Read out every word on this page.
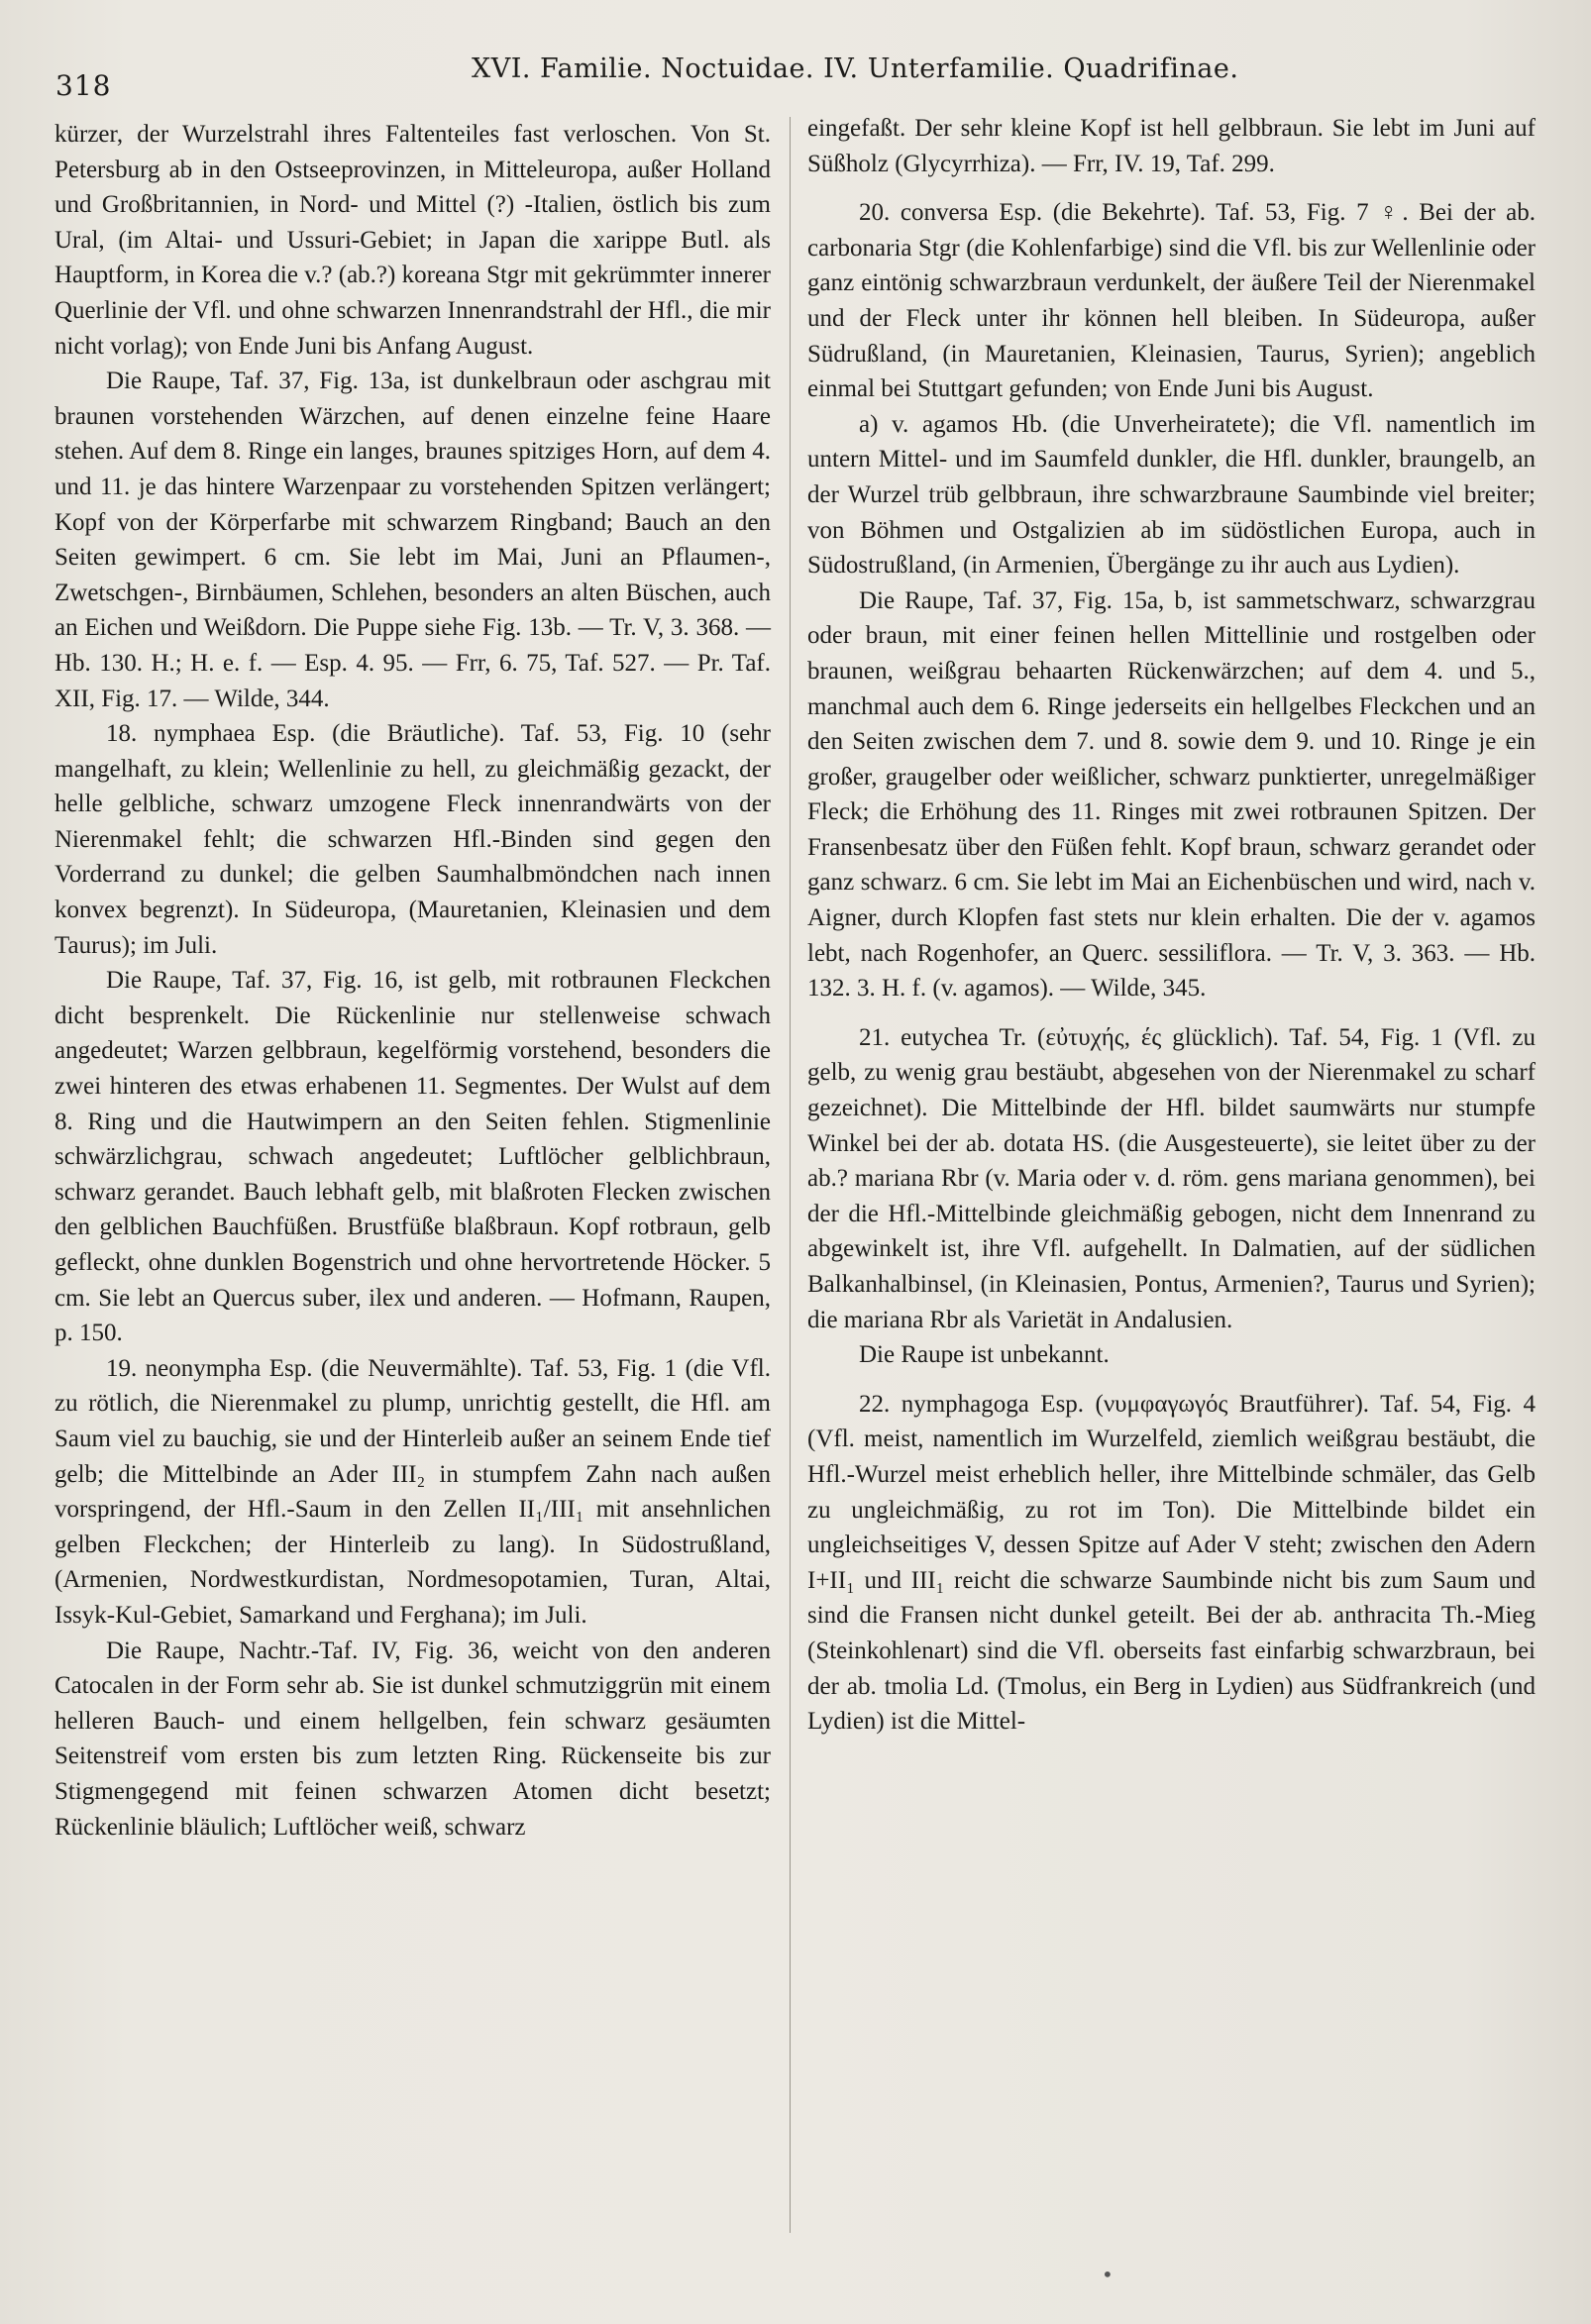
318
XVI. Familie. Noctuidae. IV. Unterfamilie. Quadrifinae.

kürzer, der Wurzelstrahl ihres Faltenteiles fast verloschen. Von St. Petersburg ab in den Ostseeprovinzen, in Mitteleuropa, außer Holland und Großbritannien, in Nord- und Mittel (?) -Italien, östlich bis zum Ural, (im Altai- und Ussuri-Gebiet; in Japan die xarippe Butl. als Hauptform, in Korea die v.? (ab.?) koreana Stgr mit gekrümmter innerer Querlinie der Vfl. und ohne schwarzen Innenrandstrahl der Hfl., die mir nicht vorlag); von Ende Juni bis Anfang August.

Die Raupe, Taf. 37, Fig. 13a, ist dunkelbraun oder aschgrau mit braunen vorstehenden Wärzchen, auf denen einzelne feine Haare stehen. Auf dem 8. Ringe ein langes, braunes spitziges Horn, auf dem 4. und 11. je das hintere Warzenpaar zu vorstehenden Spitzen verlängert; Kopf von der Körperfarbe mit schwarzem Ringband; Bauch an den Seiten gewimpert. 6 cm. Sie lebt im Mai, Juni an Pflaumen-, Zwetschgen-, Birnbäumen, Schlehen, besonders an alten Büschen, auch an Eichen und Weißdorn. Die Puppe siehe Fig. 13b. — Tr. V, 3. 368. — Hb. 130. H.; H. e. f. — Esp. 4. 95. — Frr, 6. 75, Taf. 527. — Pr. Taf. XII, Fig. 17. — Wilde, 344.

18. nymphaea Esp. (die Bräutliche). Taf. 53, Fig. 10 (sehr mangelhaft, zu klein; Wellenlinie zu hell, zu gleichmäßig gezackt, der helle gelbliche, schwarz umzogene Fleck innenrandwärts von der Nierenmakel fehlt; die schwarzen Hfl.-Binden sind gegen den Vorderrand zu dunkel; die gelben Saumhalbmöndchen nach innen konvex begrenzt). In Südeuropa, (Mauretanien, Kleinasien und dem Taurus); im Juli.

Die Raupe, Taf. 37, Fig. 16, ist gelb, mit rotbraunen Fleckchen dicht besprenkelt. Die Rückenlinie nur stellenweise schwach angedeutet; Warzen gelbbraun, kegelförmig vorstehend, besonders die zwei hinteren des etwas erhabenen 11. Segmentes. Der Wulst auf dem 8. Ring und die Hautwimpern an den Seiten fehlen. Stigmenlinie schwärzlichgrau, schwach angedeutet; Luftlöcher gelblichbraun, schwarz gerandet. Bauch lebhaft gelb, mit blaßroten Flecken zwischen den gelblichen Bauchfüßen. Brustfüße blaßbraun. Kopf rotbraun, gelb gefleckt, ohne dunklen Bogenstrich und ohne hervortretende Höcker. 5 cm. Sie lebt an Quercus suber, ilex und anderen. — Hofmann, Raupen, p. 150.

19. neonympha Esp. (die Neuvermählte). Taf. 53, Fig. 1 (die Vfl. zu rötlich, die Nierenmakel zu plump, unrichtig gestellt, die Hfl. am Saum viel zu bauchig, sie und der Hinterleib außer an seinem Ende tief gelb; die Mittelbinde an Ader III₂ in stumpfem Zahn nach außen vorspringend, der Hfl.-Saum in den Zellen II₁/III₁ mit ansehnlichen gelben Fleckchen; der Hinterleib zu lang). In Südostrußland, (Armenien, Nordwestkurdistan, Nordmesopotamien, Turan, Altai, Issyk-Kul-Gebiet, Samarkand und Ferghana); im Juli.

Die Raupe, Nachtr.-Taf. IV, Fig. 36, weicht von den anderen Catocalen in der Form sehr ab. Sie ist dunkel schmutziggrün mit einem helleren Bauch- und einem hellgelben, fein schwarz gesäumten Seitenstreif vom ersten bis zum letzten Ring. Rückenseite bis zur Stigmengegend mit feinen schwarzen Atomen dicht besetzt; Rückenlinie bläulich; Luftlöcher weiß, schwarz

eingefaßt. Der sehr kleine Kopf ist hell gelbbraun. Sie lebt im Juni auf Süßholz (Glycyrrhiza). — Frr, IV. 19, Taf. 299.

20. conversa Esp. (die Bekehrte). Taf. 53, Fig. 7 ♀. Bei der ab. carbonaria Stgr (die Kohlenfarbige) sind die Vfl. bis zur Wellenlinie oder ganz eintönig schwarzbraun verdunkelt, der äußere Teil der Nierenmakel und der Fleck unter ihr können hell bleiben. In Südeuropa, außer Südrußland, (in Mauretanien, Kleinasien, Taurus, Syrien); angeblich einmal bei Stuttgart gefunden; von Ende Juni bis August.

a) v. agamos Hb. (die Unverheiratete); die Vfl. namentlich im untern Mittel- und im Saumfeld dunkler, die Hfl. dunkler, braungelb, an der Wurzel trüb gelbbraun, ihre schwarzbraune Saumbinde viel breiter; von Böhmen und Ostgalizien ab im südöstlichen Europa, auch in Südostrußland, (in Armenien, Übergänge zu ihr auch aus Lydien).

Die Raupe, Taf. 37, Fig. 15a, b, ist sammetschwarz, schwarzgrau oder braun, mit einer feinen hellen Mittellinie und rostgelben oder braunen, weißgrau behaarten Rückenwärzchen; auf dem 4. und 5., manchmal auch dem 6. Ringe jederseits ein hellgelbes Fleckchen und an den Seiten zwischen dem 7. und 8. sowie dem 9. und 10. Ringe je ein großer, graugelber oder weißlicher, schwarz punktierter, unregelmäßiger Fleck; die Erhöhung des 11. Ringes mit zwei rotbraunen Spitzen. Der Fransenbesatz über den Füßen fehlt. Kopf braun, schwarz gerandet oder ganz schwarz. 6 cm. Sie lebt im Mai an Eichenbüschen und wird, nach v. Aigner, durch Klopfen fast stets nur klein erhalten. Die der v. agamos lebt, nach Rogenhofer, an Querc. sessiliflora. — Tr. V, 3. 363. — Hb. 132. 3. H. f. (v. agamos). — Wilde, 345.

21. eutychea Tr. (εὐτυχής, ές glücklich). Taf. 54, Fig. 1 (Vfl. zu gelb, zu wenig grau bestäubt, abgesehen von der Nierenmakel zu scharf gezeichnet). Die Mittelbinde der Hfl. bildet saumwärts nur stumpfe Winkel bei der ab. dotata HS. (die Ausgesteuerte), sie leitet über zu der ab.? mariana Rbr (v. Maria oder v. d. röm. gens mariana genommen), bei der die Hfl.-Mittelbinde gleichmäßig gebogen, nicht dem Innenrand zu abgewinkelt ist, ihre Vfl. aufgehellt. In Dalmatien, auf der südlichen Balkanhalbinsel, (in Kleinasien, Pontus, Armenien?, Taurus und Syrien); die mariana Rbr als Varietät in Andalusien.

Die Raupe ist unbekannt.

22. nymphagoga Esp. (νυμφαγωγός Brautführer). Taf. 54, Fig. 4 (Vfl. meist, namentlich im Wurzelfeld, ziemlich weißgrau bestäubt, die Hfl.-Wurzel meist erheblich heller, ihre Mittelbinde schmäler, das Gelb zu ungleichmäßig, zu rot im Ton). Die Mittelbinde bildet ein ungleichseitiges V, dessen Spitze auf Ader V steht; zwischen den Adern I+II₁ und III₁ reicht die schwarze Saumbinde nicht bis zum Saum und sind die Fransen nicht dunkel geteilt. Bei der ab. anthracita Th.-Mieg (Steinkohlenart) sind die Vfl. oberseits fast einfarbig schwarzbraun, bei der ab. tmolia Ld. (Tmolus, ein Berg in Lydien) aus Südfrankreich (und Lydien) ist die Mittel-

•
